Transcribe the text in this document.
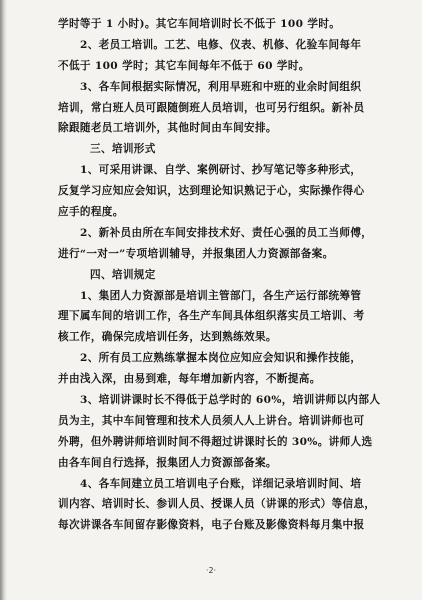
学时等于 1 小时)。其它车间培训时长不低于 100 学时。
2、老员工培训。工艺、电修、仪表、机修、化验车间每年
不低于 100 学时；其它车间每年不低于 60 学时。
3、各车间根据实际情况，利用早班和中班的业余时间组织
培训，常白班人员可跟随倒班人员培训，也可另行组织。新补员
除跟随老员工培训外，其他时间由车间安排。
三、培训形式
1、可采用讲课、自学、案例研讨、抄写笔记等多种形式，
反复学习应知应会知识，达到理论知识熟记于心，实际操作得心
应手的程度。
2、新补员由所在车间安排技术好、责任心强的员工当师傅，
进行“一对一”专项培训辅导，并报集团人力资源部备案。
四、培训规定
1、集团人力资源部是培训主管部门，各生产运行部统筹管
理下属车间的培训工作，各生产车间具体组织落实员工培训、考
核工作，确保完成培训任务，达到熟练效果。
2、所有员工应熟练掌握本岗位应知应会知识和操作技能，
并由浅入深，由易到难，每年增加新内容，不断提高。
3、培训讲课时长不得低于总学时的 60%，培训讲师以内部人
员为主，其中车间管理和技术人员须人人上讲台。培训讲师也可
外聘，但外聘讲师培训时间不得超过讲课时长的 30%。讲师人选
由各车间自行选择，报集团人力资源部备案。
4、各车间建立员工培训电子台账，详细记录培训时间、培
训内容、培训时长、参训人员、授课人员（讲课的形式）等信息，
每次讲课各车间留存影像资料，电子台账及影像资料每月集中报
·2·
